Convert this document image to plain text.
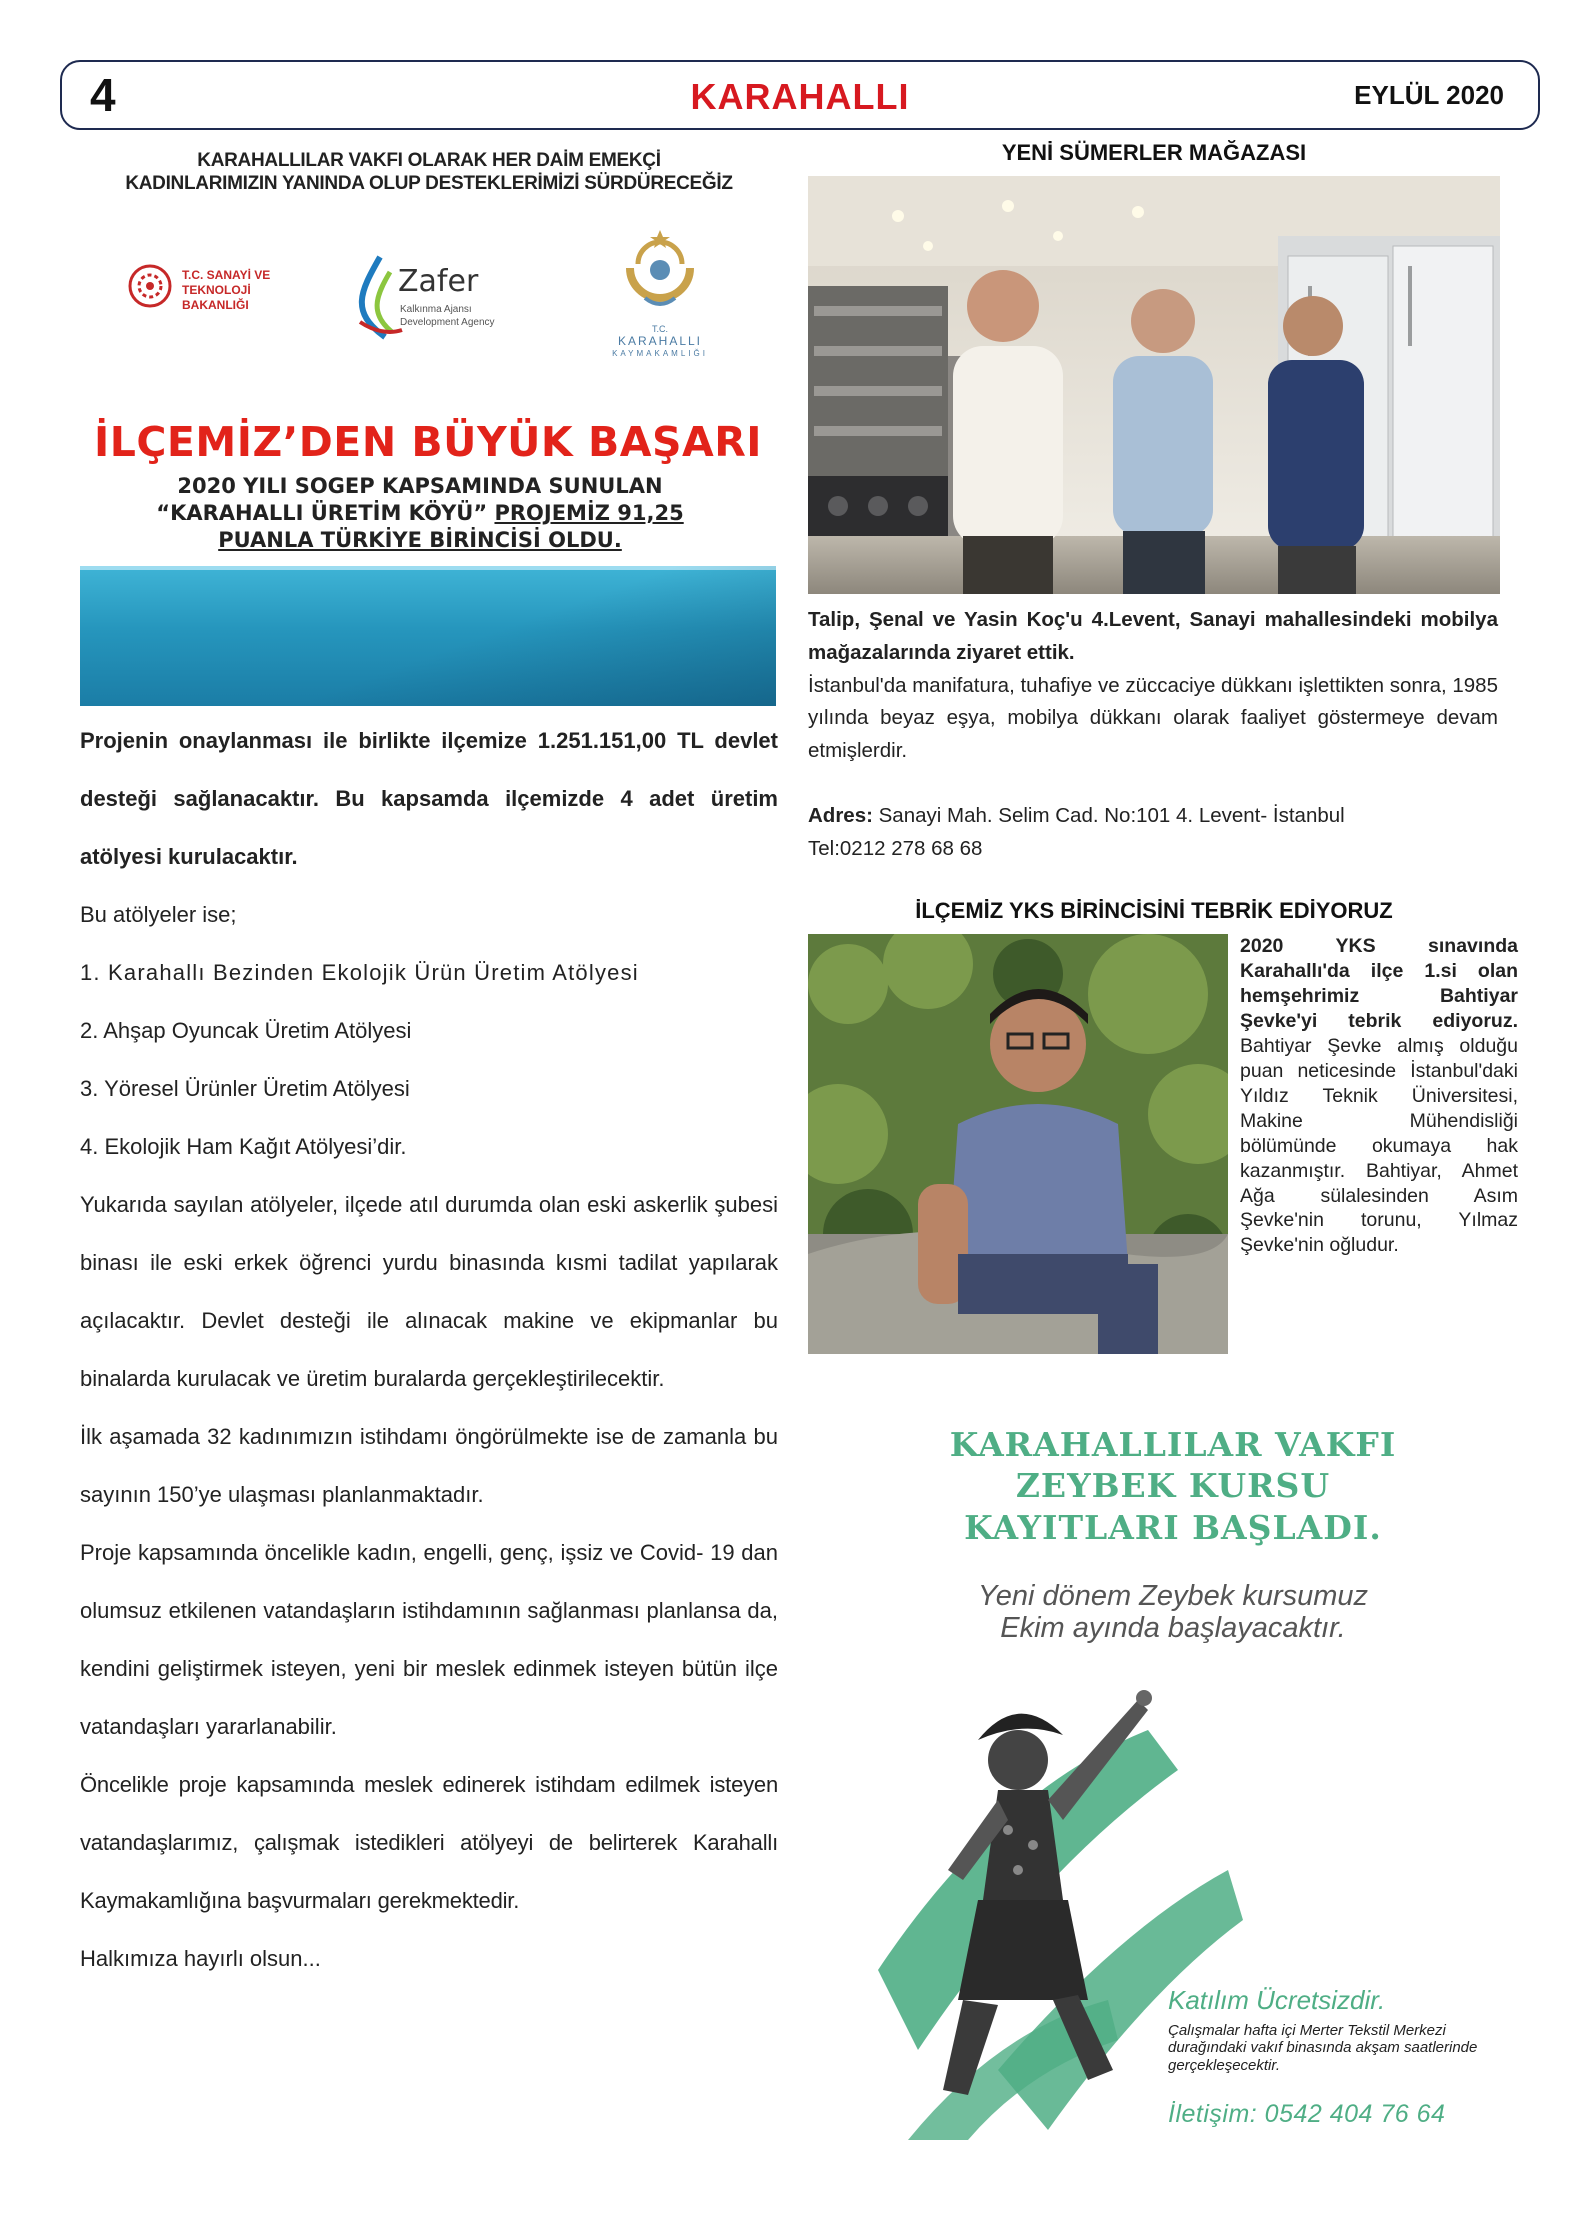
4	KARAHALLI	EYLÜL 2020
KARAHALLILAR VAKFI OLARAK HER DAİM EMEKÇİ
KADINLARIMIZIN YANINDA OLUP DESTEKLERİMİZİ SÜRDÜRECEĞİZ
T.C. SANAYİ VE
TEKNOLOJİ BAKANLIĞI
Zafer
Kalkınma Ajansı
Development Agency
T.C.
KARAHALLI
KAYMAKAMLIĞI
İLÇEMİZ’DEN BÜYÜK BAŞARI
2020 YILI SOGEP KAPSAMINDA SUNULAN
“KARAHALLI ÜRETİM KÖYÜ” PROJEMİZ 91,25
PUANLA TÜRKİYE BİRİNCİSİ OLDU.

Projenin onaylanması ile birlikte ilçemize 1.251.151,00 TL devlet desteği sağlanacaktır. Bu kapsamda ilçemizde 4 adet üretim atölyesi kurulacaktır.

Bu atölyeler ise;

1. Karahallı Bezinden Ekolojik Ürün Üretim Atölyesi

2. Ahşap Oyuncak Üretim Atölyesi

3. Yöresel Ürünler Üretim Atölyesi

4. Ekolojik Ham Kağıt Atölyesi’dir.

Yukarıda sayılan atölyeler, ilçede atıl durumda olan eski askerlik şubesi binası ile eski erkek öğrenci yurdu binasında kısmi tadilat yapılarak açılacaktır. Devlet desteği ile alınacak makine ve ekipmanlar bu binalarda kurulacak ve üretim buralarda gerçekleştirilecektir.

İlk aşamada 32 kadınımızın istihdamı öngörülmekte ise de zamanla bu sayının 150’ye ulaşması planlanmaktadır.

Proje kapsamında öncelikle kadın, engelli, genç, işsiz ve Covid- 19 dan olumsuz etkilenen vatandaşların istihdamının sağlanması planlansa da, kendini geliştirmek isteyen, yeni bir meslek edinmek isteyen bütün ilçe vatandaşları yararlanabilir.

Öncelikle proje kapsamında meslek edinerek istihdam edilmek isteyen vatandaşlarımız, çalışmak istedikleri atölyeyi de belirterek Karahallı Kaymakamlığına başvurmaları gerekmektedir.

Halkımıza hayırlı olsun...

YENİ SÜMERLER MAĞAZASI

Talip, Şenal ve Yasin Koç'u 4.Levent, Sanayi mahallesindeki mobilya mağazalarında ziyaret ettik.

İstanbul'da manifatura, tuhafiye ve züccaciye dükkanı işlettikten sonra, 1985 yılında beyaz eşya, mobilya dükkanı olarak faaliyet göstermeye devam etmişlerdir.

Adres: Sanayi Mah. Selim Cad. No:101 4. Levent- İstanbul

Tel:0212 278 68 68

İLÇEMİZ YKS BİRİNCİSİNİ TEBRİK EDİYORUZ

2020 YKS sınavında Karahallı'da ilçe 1.si olan hemşehrimiz Bahtiyar Şevke'yi tebrik ediyoruz. Bahtiyar Şevke almış olduğu puan neticesinde İstanbul'daki Yıldız Teknik Üniversitesi, Makine Mühendisliği bölümünde okumaya hak kazanmıştır. Bahtiyar, Ahmet Ağa sülalesinden Asım Şevke'nin torunu, Yılmaz Şevke'nin oğludur.

KARAHALLILAR VAKFI
ZEYBEK KURSU
KAYITLARI BAŞLADI.
Yeni dönem Zeybek kursumuz
Ekim ayında başlayacaktır.
Katılım Ücretsizdir.
Çalışmalar hafta içi Merter Tekstil Merkezi durağındaki vakıf binasında akşam saatlerinde gerçekleşecektir.
İletişim: 0542 404 76 64
